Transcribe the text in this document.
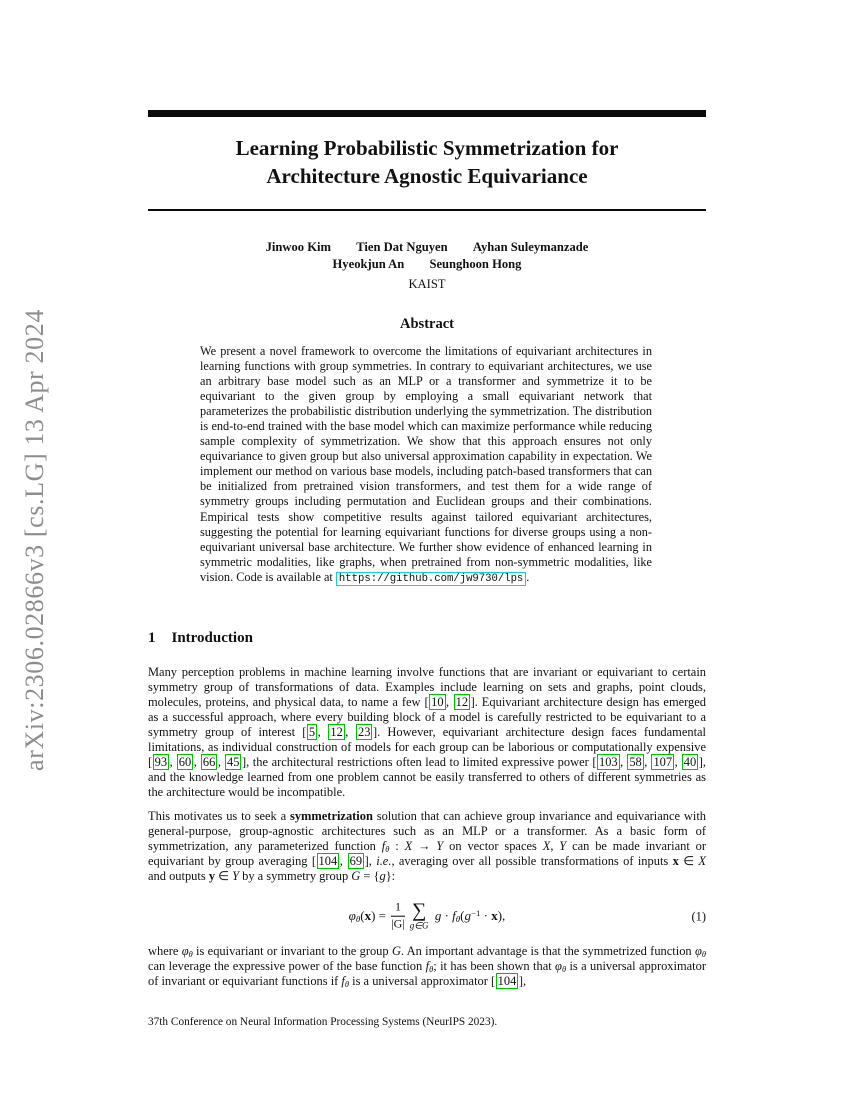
arXiv:2306.02866v3 [cs.LG] 13 Apr 2024
Learning Probabilistic Symmetrization for
Architecture Agnostic Equivariance
Jinwoo Kim  Tien Dat Nguyen  Ayhan Suleymanzade
Hyeokjun An  Seunghoon Hong
KAIST
Abstract
We present a novel framework to overcome the limitations of equivariant architectures in learning functions with group symmetries. In contrary to equivariant architectures, we use an arbitrary base model such as an MLP or a transformer and symmetrize it to be equivariant to the given group by employing a small equivariant network that parameterizes the probabilistic distribution underlying the symmetrization. The distribution is end-to-end trained with the base model which can maximize performance while reducing sample complexity of symmetrization. We show that this approach ensures not only equivariance to given group but also universal approximation capability in expectation. We implement our method on various base models, including patch-based transformers that can be initialized from pretrained vision transformers, and test them for a wide range of symmetry groups including permutation and Euclidean groups and their combinations. Empirical tests show competitive results against tailored equivariant architectures, suggesting the potential for learning equivariant functions for diverse groups using a non-equivariant universal base architecture. We further show evidence of enhanced learning in symmetric modalities, like graphs, when pretrained from non-symmetric modalities, like vision. Code is available at https://github.com/jw9730/lps .
1 Introduction
Many perception problems in machine learning involve functions that are invariant or equivariant to certain symmetry group of transformations of data. Examples include learning on sets and graphs, point clouds, molecules, proteins, and physical data, to name a few [ 10 , 12 ]. Equivariant architecture design has emerged as a successful approach, where every building block of a model is carefully restricted to be equivariant to a symmetry group of interest [ 5 , 12 , 23 ]. However, equivariant architecture design faces fundamental limitations, as individual construction of models for each group can be laborious or computationally expensive [ 93 , 60 , 66 , 45 ], the architectural restrictions often lead to limited expressive power [ 103 , 58 , 107 , 40 ], and the knowledge learned from one problem cannot be easily transferred to others of different symmetries as the architecture would be incompatible.
This motivates us to seek a symmetrization solution that can achieve group invariance and equivariance with general-purpose, group-agnostic architectures such as an MLP or a transformer. As a basic form of symmetrization, any parameterized function $f_\theta$ : X → Y on vector spaces X, Y can be made invariant or equivariant by group averaging [ 104 , 69 ], i.e., averaging over all possible transformations of inputs x ∈ X and outputs y ∈ Y by a symmetry group G = {g}:
$\varphi_\theta(x) = \frac{1}{|G|}$ ∑
g∈G
$g \cdot f_\theta(g^{-1} \cdot x)$,	(1)
where $\varphi_\theta$ is equivariant or invariant to the group G. An important advantage is that the symmetrized function $\varphi_\theta$ can leverage the expressive power of the base function $f_\theta$; it has been shown that $\varphi_\theta$ is a universal approximator of invariant or equivariant functions if $f_\theta$ is a universal approximator [ 104 ],
37th Conference on Neural Information Processing Systems (NeurIPS 2023).
